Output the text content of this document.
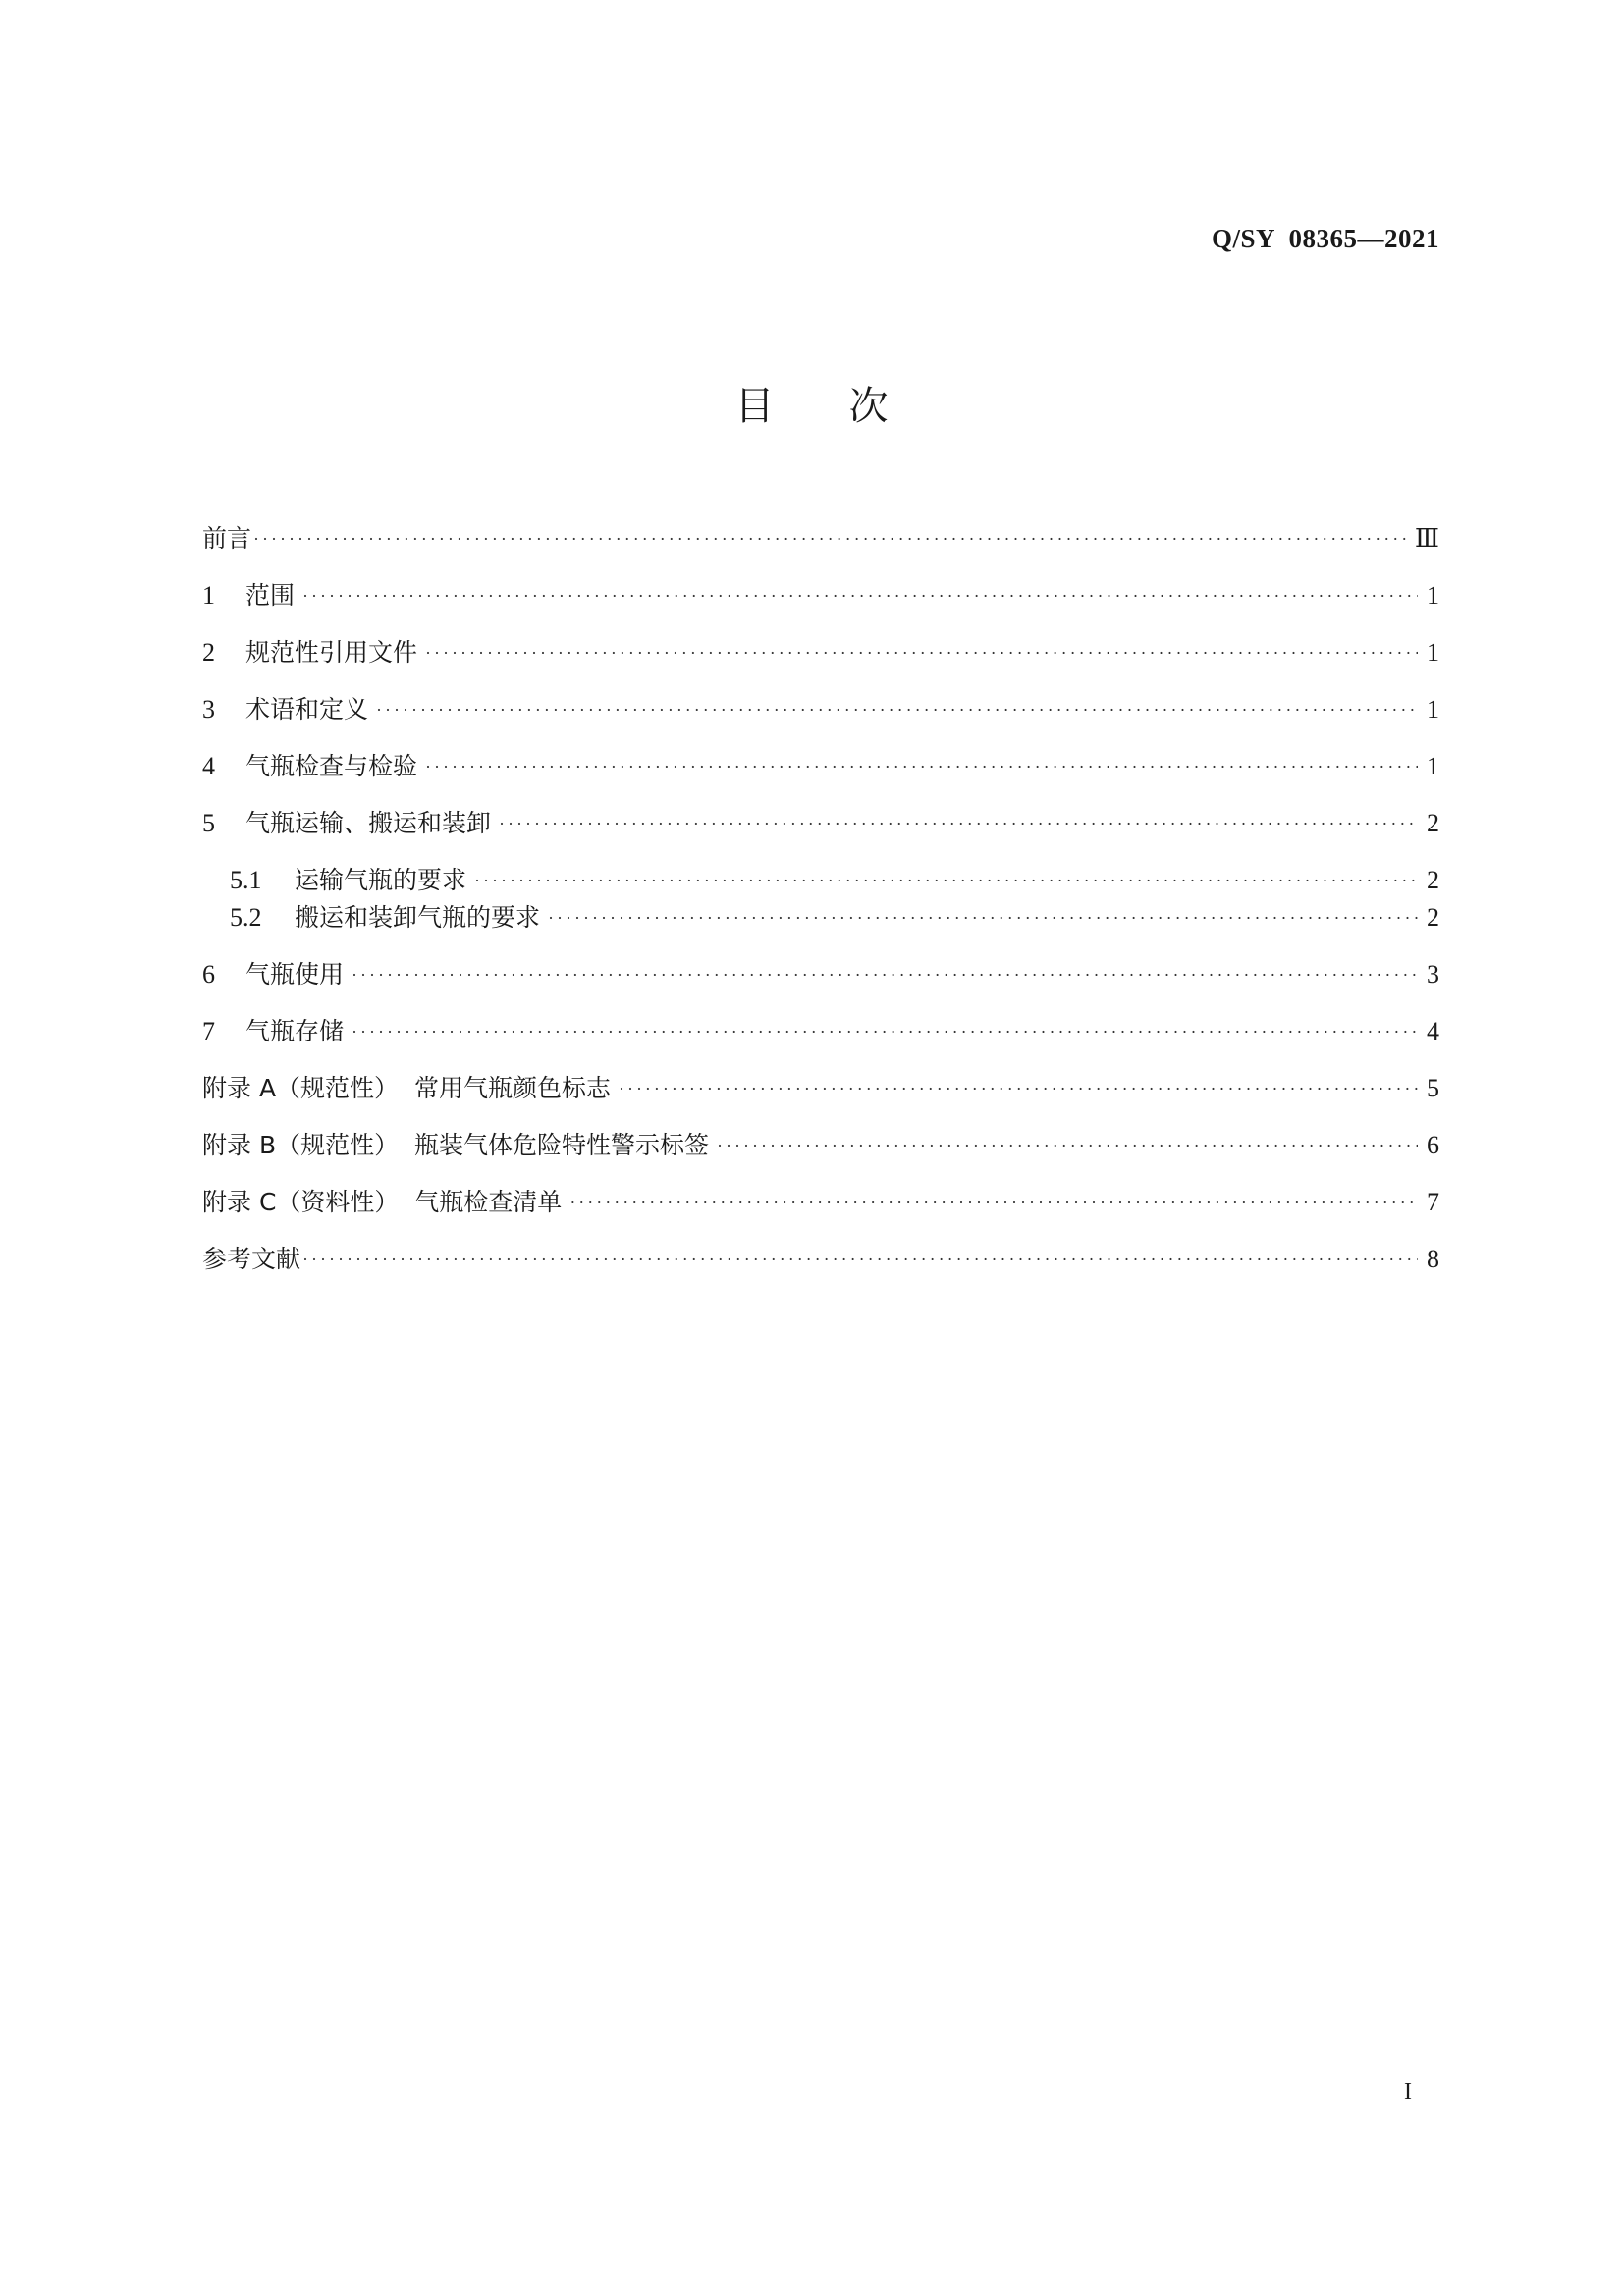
Q/SY  08365—2021
目次
前言 ·····	Ⅲ
1	范围 ·····	1
2	规范性引用文件 ·····	1
3	术语和定义 ·····	1
4	气瓶检查与检验 ·····	1
5	气瓶运输、搬运和装卸 ·····	2
5.1	运输气瓶的要求 ·····	2
5.2	搬运和装卸气瓶的要求 ·····	2
6	气瓶使用 ·····	3
7	气瓶存储 ·····	4
附录 A（规范性）  常用气瓶颜色标志 ·····	5
附录 B（规范性）  瓶装气体危险特性警示标签 ·····	6
附录 C（资料性）  气瓶检查清单 ·····	7
参考文献 ·····	8
I
